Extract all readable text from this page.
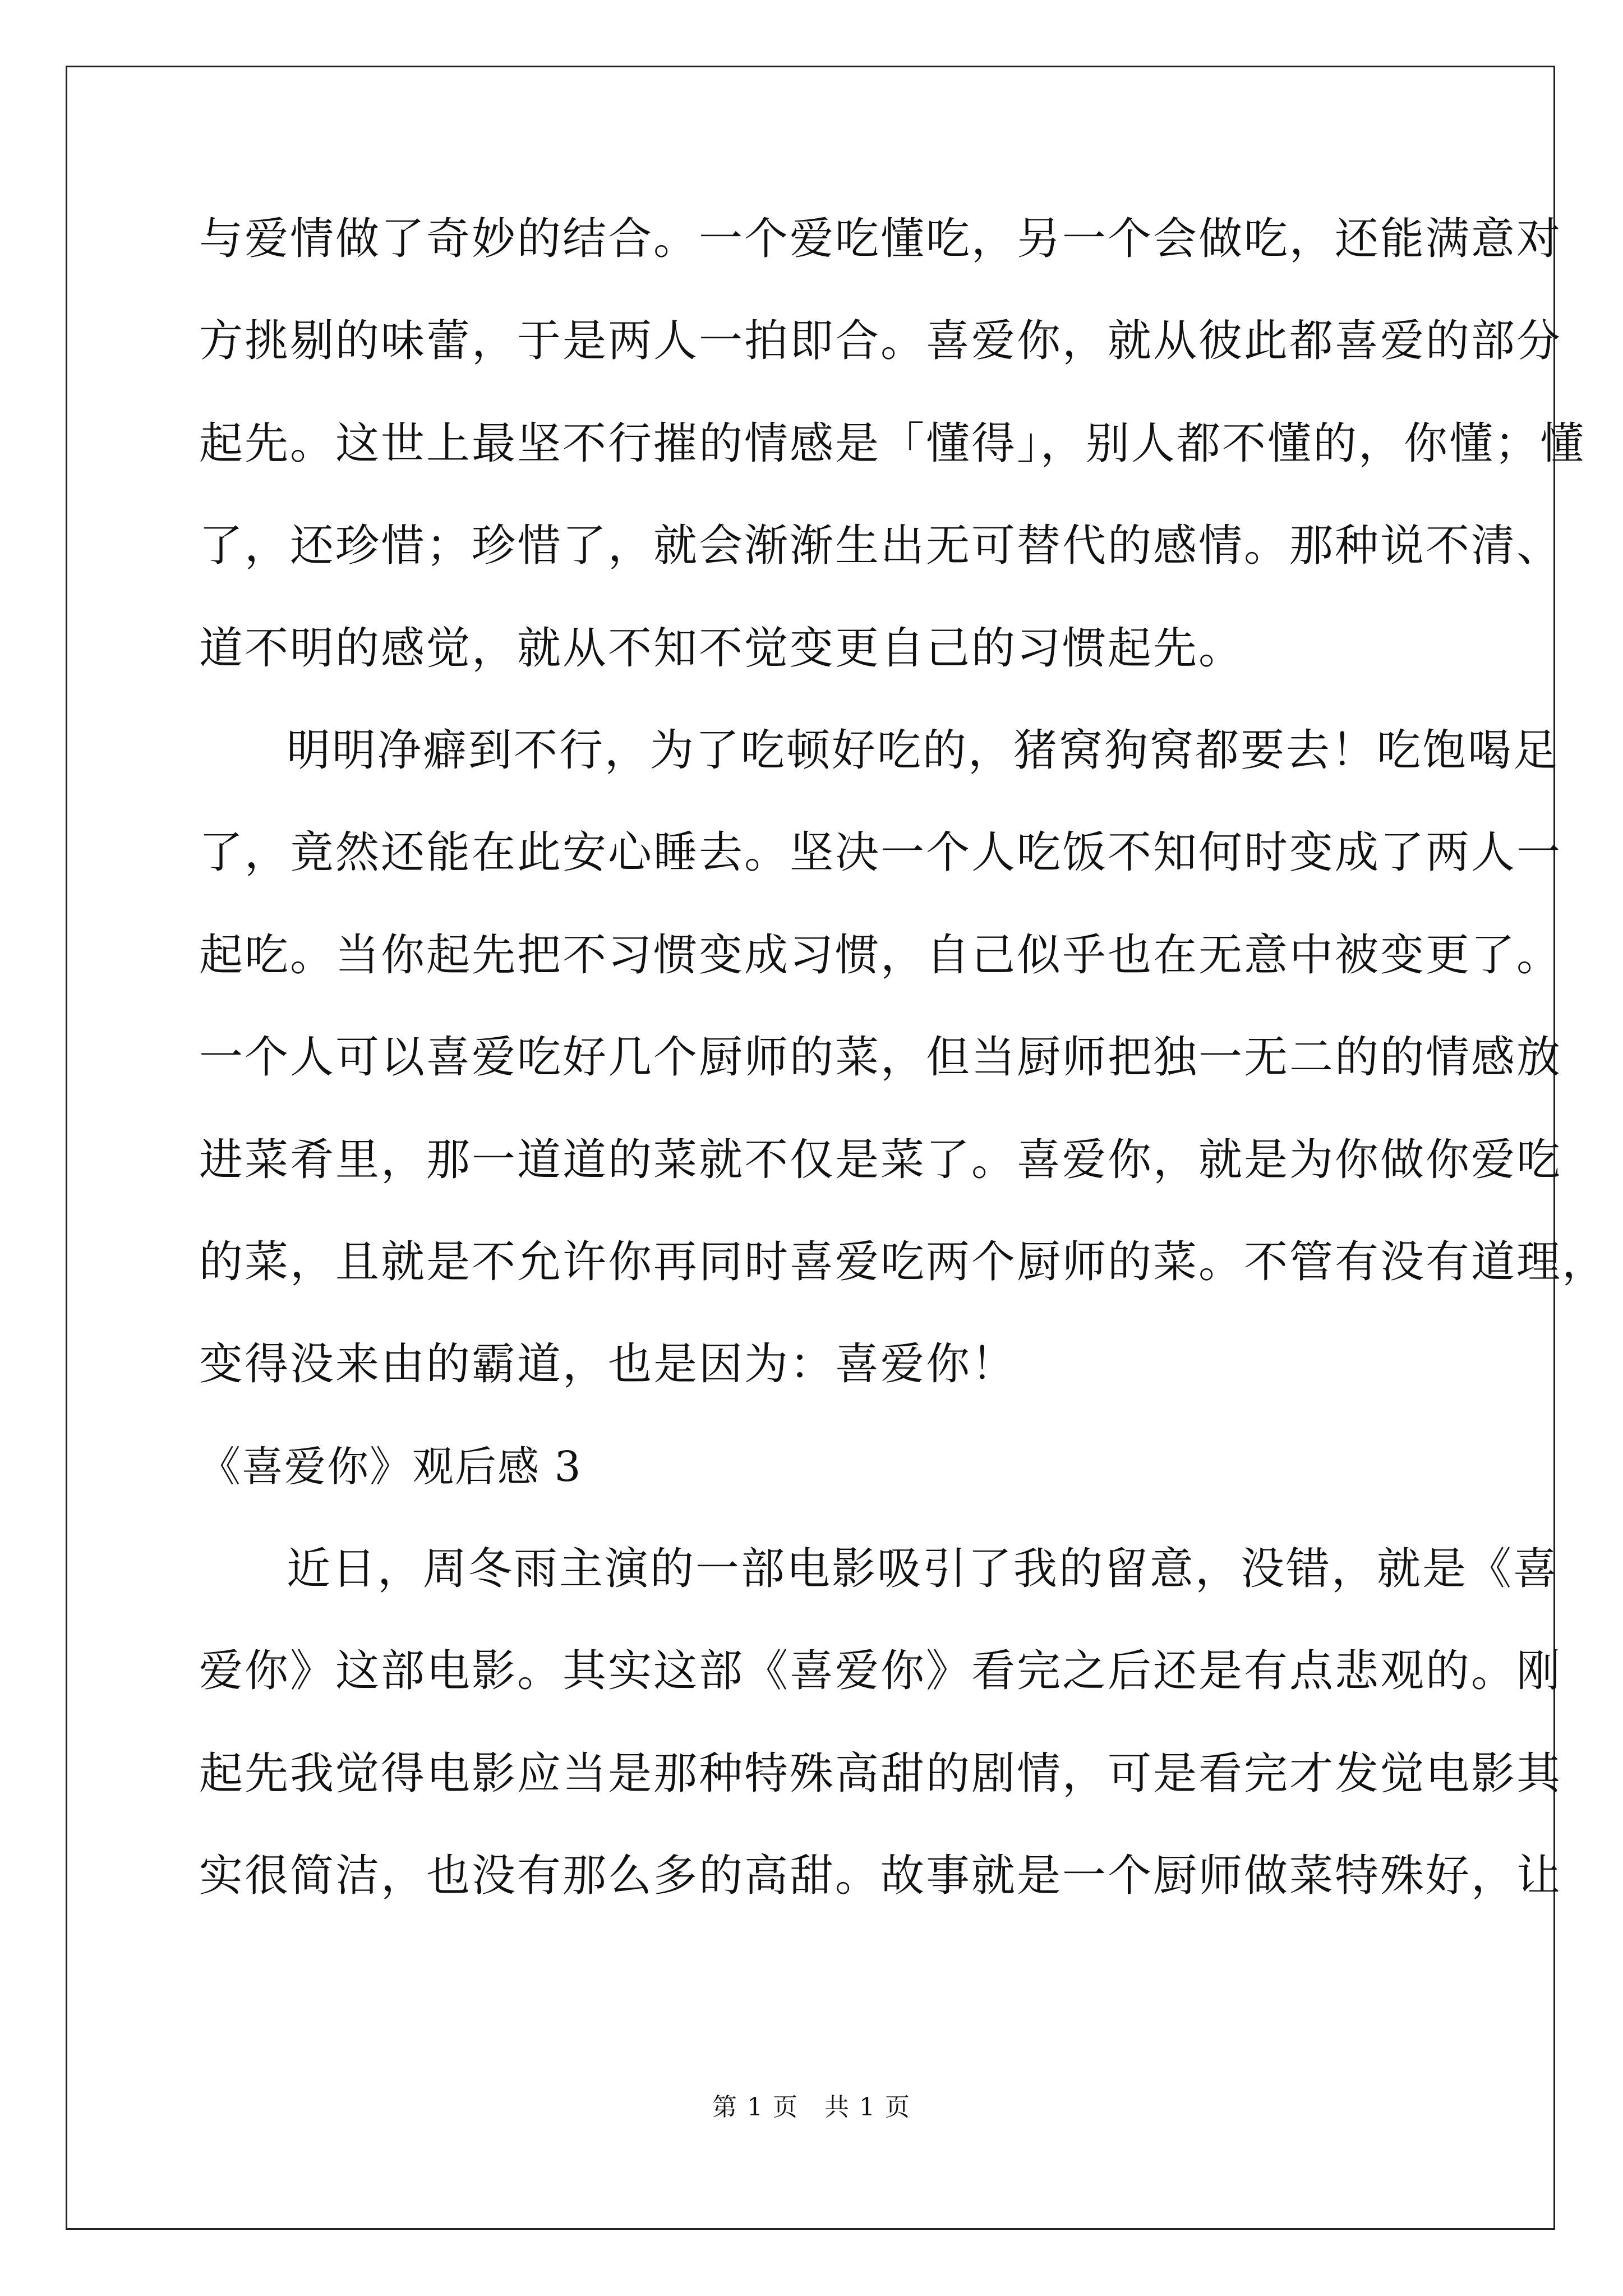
与爱情做了奇妙的结合。一个爱吃懂吃，另一个会做吃，还能满意对
方挑剔的味蕾，于是两人一拍即合。喜爱你，就从彼此都喜爱的部分
起先。这世上最坚不行摧的情感是「懂得」，别人都不懂的，你懂；懂
了，还珍惜；珍惜了，就会渐渐生出无可替代的感情。那种说不清、
道不明的感觉，就从不知不觉变更自己的习惯起先。
明明净癖到不行，为了吃顿好吃的，猪窝狗窝都要去！吃饱喝足
了，竟然还能在此安心睡去。坚决一个人吃饭不知何时变成了两人一
起吃。当你起先把不习惯变成习惯，自己似乎也在无意中被变更了。
一个人可以喜爱吃好几个厨师的菜，但当厨师把独一无二的的情感放
进菜肴里，那一道道的菜就不仅是菜了。喜爱你，就是为你做你爱吃
的菜，且就是不允许你再同时喜爱吃两个厨师的菜。不管有没有道理，
变得没来由的霸道，也是因为：喜爱你！
《喜爱你》观后感 3
近日，周冬雨主演的一部电影吸引了我的留意，没错，就是《喜
爱你》这部电影。其实这部《喜爱你》看完之后还是有点悲观的。刚
起先我觉得电影应当是那种特殊高甜的剧情，可是看完才发觉电影其
实很简洁，也没有那么多的高甜。故事就是一个厨师做菜特殊好，让
第 1 页　共 1 页
